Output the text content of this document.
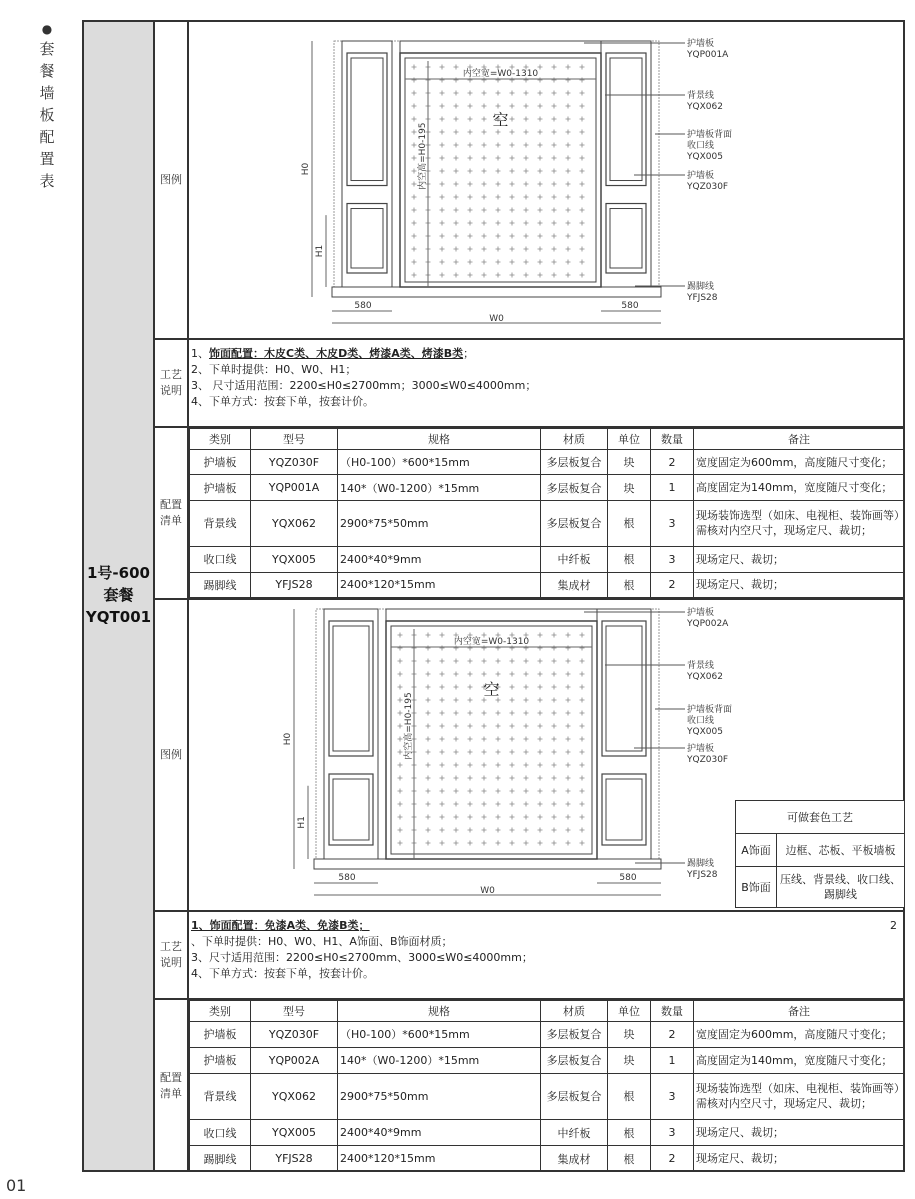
●
套
餐
墙
板
配
置
表
01
1号-600
套餐
YQT001
图例
内空宽=W0-1310
内空高=H0-195
空
H0
H1
580	580
W0
护墙板
YQP001A
背景线
YQX062
护墙板背面
收口线
YQX005
护墙板
YQZ030F
踢脚线
YFJS28
工艺
说明
1、饰面配置：木皮C类、木皮D类、烤漆A类、烤漆B类；
2、下单时提供：H0、W0、H1；
3、 尺寸适用范围：2200≤H0≤2700mm；3000≤W0≤4000mm；
4、下单方式：按套下单，按套计价。
配置
清单
类别	型号	规格	材质	单位	数量	备注
护墙板	YQZ030F	（H0-100）*600*15mm	多层板复合	块	2	宽度固定为600mm，高度随尺寸变化；
护墙板	YQP001A	140*（W0-1200）*15mm	多层板复合	块	1	高度固定为140mm，宽度随尺寸变化；
背景线	YQX062	2900*75*50mm	多层板复合	根	3	现场装饰选型（如床、电视柜、装饰画等）需核对内空尺寸，现场定尺、裁切；
收口线	YQX005	2400*40*9mm	中纤板	根	3	现场定尺、裁切；
踢脚线	YFJS28	2400*120*15mm	集成材	根	2	现场定尺、裁切；
图例
内空宽=W0-1310
内空高=H0-195
空
H0
H1
580	580
W0
护墙板
YQP002A
背景线
YQX062
护墙板背面
收口线
YQX005
护墙板
YQZ030F
踢脚线
YFJS28
可做套色工艺	
A饰面	边框、芯板、平板墙板
B饰面	压线、背景线、收口线、踢脚线
工艺
说明
1、饰面配置：免漆A类、免漆B类；
、下单时提供：H0、W0、H1、A饰面、B饰面材质；
3、尺寸适用范围：2200≤H0≤2700mm、3000≤W0≤4000mm；
4、下单方式：按套下单，按套计价。
2
配置
清单
类别	型号	规格	材质	单位	数量	备注
护墙板	YQZ030F	（H0-100）*600*15mm	多层板复合	块	2	宽度固定为600mm，高度随尺寸变化；
护墙板	YQP002A	140*（W0-1200）*15mm	多层板复合	块	1	高度固定为140mm，宽度随尺寸变化；
背景线	YQX062	2900*75*50mm	多层板复合	根	3	现场装饰选型（如床、电视柜、装饰画等）需核对内空尺寸，现场定尺、裁切；
收口线	YQX005	2400*40*9mm	中纤板	根	3	现场定尺、裁切；
踢脚线	YFJS28	2400*120*15mm	集成材	根	2	现场定尺、裁切；
